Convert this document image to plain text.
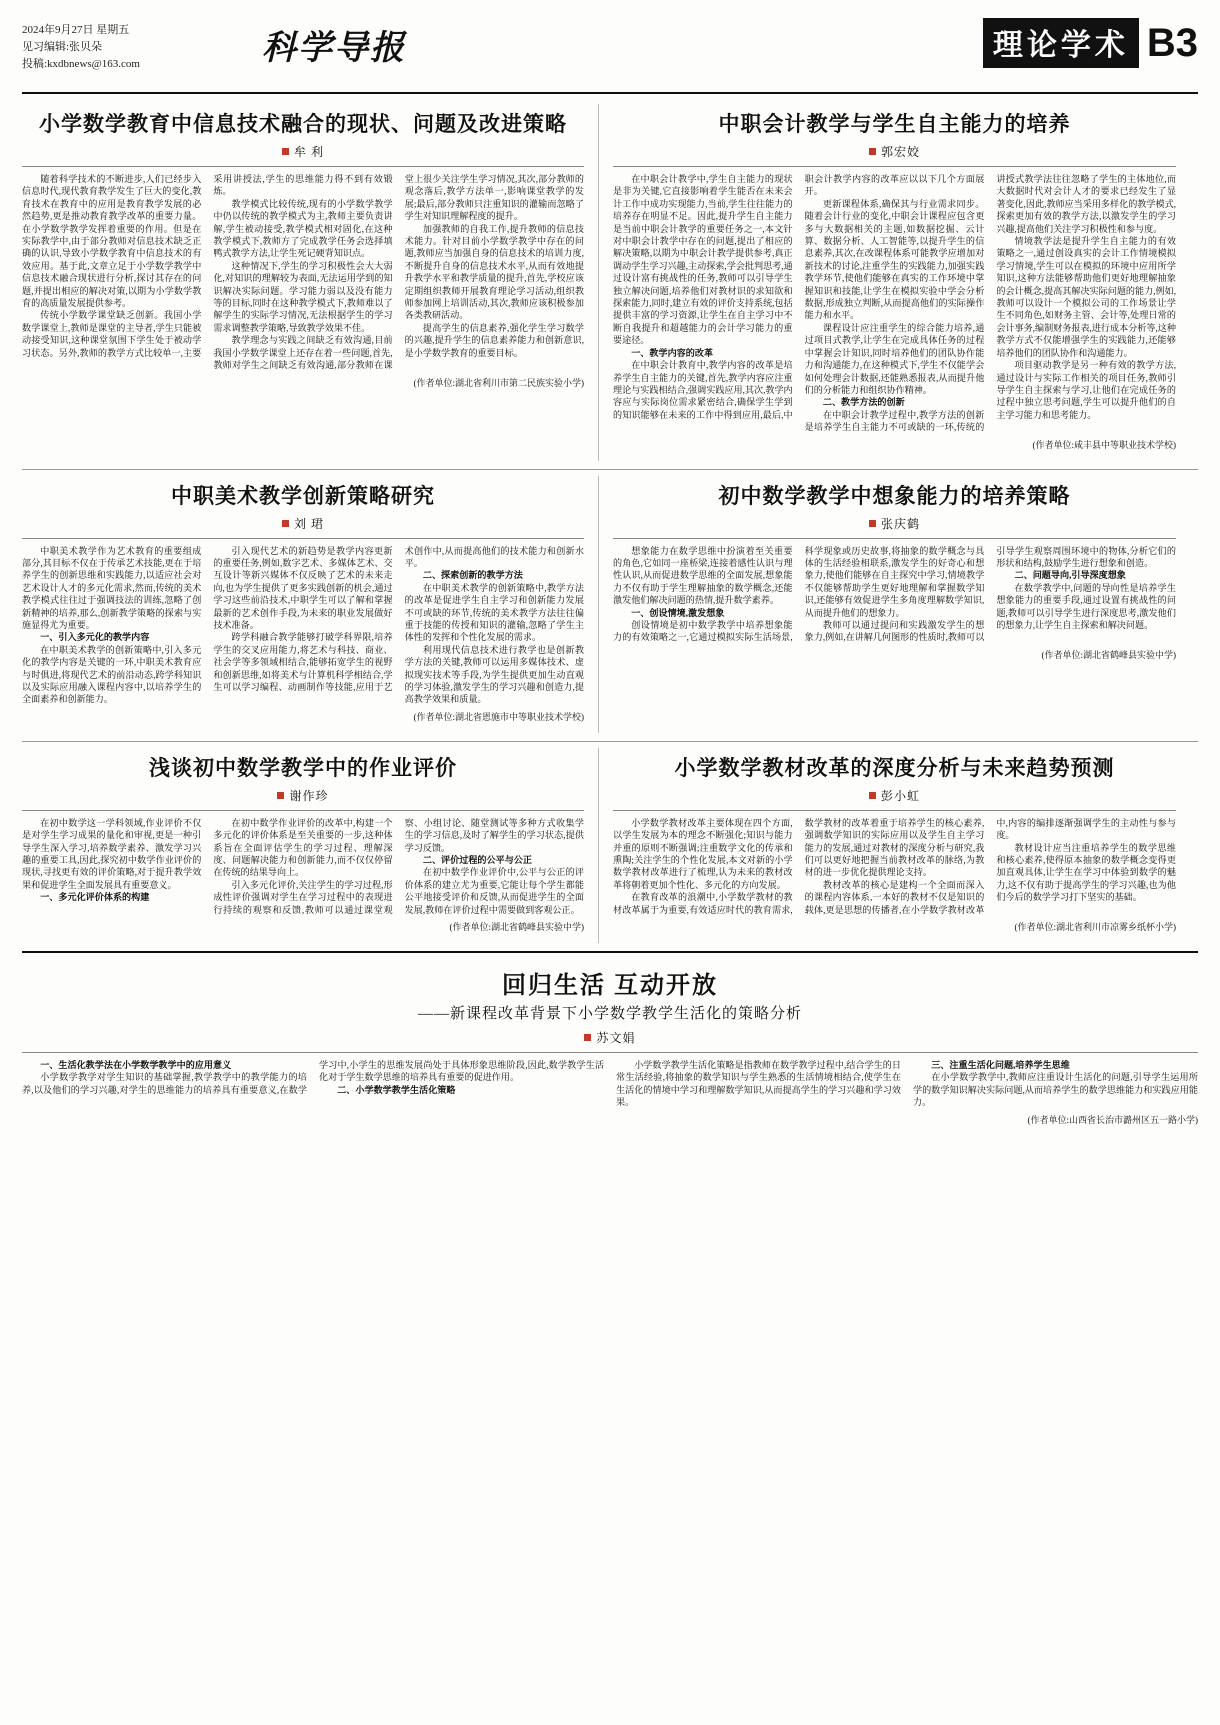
2024年9月27日 星期五
见习编辑:张贝朵
投稿:kxdbnews@163.com	科学导报	理论学术 B3
小学数学教育中信息技术融合的现状、问题及改进策略
牟 利

随着科学技术的不断进步,人们已经步入信息时代,现代教育教学发生了巨大的变化,教育技术在教育中的应用是教育教学发展的必然趋势,更是推动教育教学改革的重要力量。在小学数学教学发挥着重要的作用。但是在实际教学中,由于部分教师对信息技术缺乏正确的认识,导致小学数学教育中信息技术的有效应用。基于此,文章立足于小学数学教学中信息技术融合现状进行分析,探讨其存在的问题,并提出相应的解决对策,以期为小学数学教育的高质量发展提供参考。

传统小学数学课堂缺乏创新。我国小学数学课堂上,教师是课堂的主导者,学生只能被动接受知识,这种课堂氛围下学生处于被动学习状态。另外,教师的教学方式比较单一,主要采用讲授法,学生的思维能力得不到有效锻炼。

教学模式比较传统,现有的小学数学教学中仍以传统的教学模式为主,教师主要负责讲解,学生被动接受,教学模式相对固化,在这种教学模式下,教师方了完成教学任务会选择填鸭式教学方法,让学生死记硬背知识点。

这种情况下,学生的学习积极性会大大弱化,对知识的理解较为表面,无法运用学到的知识解决实际问题。学习能力弱以及没有能力等的目标,同时在这种教学模式下,教师难以了解学生的实际学习情况,无法根据学生的学习需求调整教学策略,导致教学效果不佳。

教学理念与实践之间缺乏有效沟通,目前我国小学数学课堂上还存在着一些问题,首先,教师对学生之间缺乏有效沟通,部分教师在课堂上很少关注学生学习情况,其次,部分教师的观念落后,教学方法单一,影响课堂教学的发展;最后,部分教师只注重知识的灌输而忽略了学生对知识理解程度的提升。

加强教师的自我工作,提升教师的信息技术能力。针对目前小学数学教学中存在的问题,教师应当加强自身的信息技术的培训力度,不断提升自身的信息技术水平,从而有效地提升教学水平和教学质量的提升,首先,学校应该定期组织教师开展教育理论学习活动,组织教师参加网上培训活动,其次,教师应该积极参加各类教研活动。

提高学生的信息素养,强化学生学习数学的兴趣,提升学生的信息素养能力和创新意识,是小学数学教育的重要目标。

(作者单位:湖北省利川市第二民族实验小学)
中职会计教学与学生自主能力的培养
郭宏姣

在中职会计教学中,学生自主能力的现状是非为关键,它直接影响着学生能否在未来会计工作中成功实现能力,当前,学生往往能力的培养存在明显不足。因此,提升学生自主能力是当前中职会计教学的重要任务之一,本文针对中职会计教学中存在的问题,提出了相应的解决策略,以期为中职会计教学提供参考,真正调动学生学习兴趣,主动探索,学会批判思考,通过设计富有挑战性的任务,教师可以引导学生独立解决问题,培养他们对教材识的求知欲和探索能力,同时,建立有效的评价支持系统,包括提供丰富的学习资源,让学生在自主学习中不断自我提升和超越能力的会计学习能力的重要途径。

一、教学内容的改革

在中职会计教育中,教学内容的改革是培养学生自主能力的关键,首先,教学内容应注重理论与实践相结合,强调实践应用,其次,教学内容应与实际岗位需求紧密结合,确保学生学到的知识能够在未来的工作中得到应用,最后,中职会计教学内容的改革应以以下几个方面展开。

更新课程体系,确保其与行业需求同步。随着会计行业的变化,中职会计课程应包含更多与大数据相关的主题,如数据挖掘、云计算、数据分析、人工智能等,以提升学生的信息素养,其次,在改课程体系可能教学应增加对新技术的讨论,注重学生的实践能力,加强实践教学环节,使他们能够在真实的工作环境中掌握知识和技能,让学生在模拟实验中学会分析数据,形成独立判断,从而提高他们的实际操作能力和水平。

课程设计应注重学生的综合能力培养,通过项目式教学,让学生在完成具体任务的过程中掌握会计知识,同时培养他们的团队协作能力和沟通能力,在这种模式下,学生不仅能学会如何处理会计数据,还能熟悉报表,从而提升他们的分析能力和组织协作精神。

二、教学方法的创新

在中职会计教学过程中,教学方法的创新是培养学生自主能力不可或缺的一环,传统的讲授式教学法往往忽略了学生的主体地位,而大数据时代对会计人才的要求已经发生了显著变化,因此,教师应当采用多样化的教学模式,探索更加有效的教学方法,以激发学生的学习兴趣,提高他们关注学习积极性和参与度。

情境教学法是提升学生自主能力的有效策略之一,通过创设真实的会计工作情境模拟学习情境,学生可以在模拟的环境中应用所学知识,这种方法能够帮助他们更好地理解抽象的会计概念,提高其解决实际问题的能力,例如,教师可以设计一个模拟公司的工作场景让学生不同角色,如财务主管、会计等,处理日常的会计事务,编制财务报表,进行成本分析等,这种教学方式不仅能增强学生的实践能力,还能够培养他们的团队协作和沟通能力。

项目驱动教学是另一种有效的教学方法,通过设计与实际工作相关的项目任务,教师引导学生自主探索与学习,让他们在完成任务的过程中独立思考问题,学生可以提升他们的自主学习能力和思考能力。

(作者单位:咸丰县中等职业技术学校)
中职美术教学创新策略研究
刘 珺

中职美术教学作为艺术教育的重要组成部分,其目标不仅在于传承艺术技能,更在于培养学生的创新思维和实践能力,以适应社会对艺术设计人才的多元化需求,然而,传统的美术教学模式往往过于强调技法的训练,忽略了创新精神的培养,那么,创新教学策略的探索与实施显得尤为重要。

一、引入多元化的教学内容

在中职美术教学的创新策略中,引入多元化的教学内容是关键的一环,中职美术教育应与时俱进,将现代艺术的前沿动态,跨学科知识以及实际应用融入课程内容中,以培养学生的全面素养和创新能力。

引入现代艺术的新趋势是教学内容更新的重要任务,例如,数字艺术、多媒体艺术、交互设计等新兴媒体不仅反映了艺术的未来走向,也为学生提供了更多实践创新的机会,通过学习这些前沿技术,中职学生可以了解和掌握最新的艺术创作手段,为未来的职业发展做好技术准备。

跨学科融合教学能够打破学科界限,培养学生的交叉应用能力,将艺术与科技、商业、社会学等多领域相结合,能够拓宽学生的视野和创新思维,如将美术与计算机科学相结合,学生可以学习编程、动画制作等技能,应用于艺术创作中,从而提高他们的技术能力和创新水平。

二、探索创新的教学方法

在中职美术教学的创新策略中,教学方法的改革是促进学生自主学习和创新能力发展不可或缺的环节,传统的美术教学方法往往偏重于技能的传授和知识的灌输,忽略了学生主体性的发挥和个性化发展的需求。

利用现代信息技术进行教学也是创新教学方法的关键,教师可以运用多媒体技术、虚拟现实技术等手段,为学生提供更加生动直观的学习体验,激发学生的学习兴趣和创造力,提高教学效果和质量。

(作者单位:湖北省恩施市中等职业技术学校)
初中数学教学中想象能力的培养策略
张庆鹤

想象能力在数学思维中扮演着至关重要的角色,它如同一座桥梁,连接着感性认识与理性认识,从而促进数学思维的全面发展,想象能力不仅有助于学生理解抽象的数学概念,还能激发他们解决问题的热情,提升数学素养。

一、创设情境,激发想象

创设情境是初中数学教学中培养想象能力的有效策略之一,它通过模拟实际生活场景,科学现象或历史故事,将抽象的数学概念与具体的生活经验相联系,激发学生的好奇心和想象力,使他们能够在自主探究中学习,情境教学不仅能够帮助学生更好地理解和掌握数学知识,还能够有效促进学生多角度理解数学知识,从而提升他们的想象力。

教师可以通过提问和实践激发学生的想象力,例如,在讲解几何图形的性质时,教师可以引导学生观察周围环境中的物体,分析它们的形状和结构,鼓励学生进行想象和创造。

二、问题导向,引导深度想象

在数学教学中,问题的导向性是培养学生想象能力的重要手段,通过设置有挑战性的问题,教师可以引导学生进行深度思考,激发他们的想象力,让学生自主探索和解决问题。

(作者单位:湖北省鹤峰县实验中学)
浅谈初中数学教学中的作业评价
谢作珍

在初中数学这一学科领域,作业评价不仅是对学生学习成果的量化和审视,更是一种引导学生深入学习,培养数学素养、激发学习兴趣的重要工具,因此,探究初中数学作业评价的现状,寻找更有效的评价策略,对于提升教学效果和促进学生全面发展具有重要意义。

一、多元化评价体系的构建

在初中数学作业评价的改革中,构建一个多元化的评价体系是至关重要的一步,这种体系旨在全面评估学生的学习过程、理解深度、问题解决能力和创新能力,而不仅仅停留在传统的结果导向上。

引入多元化评价,关注学生的学习过程,形成性评价强调对学生在学习过程中的表现进行持续的观察和反馈,教师可以通过课堂观察、小组讨论、随堂测试等多种方式收集学生的学习信息,及时了解学生的学习状态,提供学习反馈。

二、评价过程的公平与公正

在初中数学作业评价中,公平与公正的评价体系的建立尤为重要,它能让每个学生都能公平地接受评价和反馈,从而促进学生的全面发展,教师在评价过程中需要做到客观公正。

(作者单位:湖北省鹤峰县实验中学)
小学数学教材改革的深度分析与未来趋势预测
彭小虹

小学数学教材改革主要体现在四个方面,以学生发展为本的理念不断强化;知识与能力并重的原则不断强调;注重数学文化的传承和熏陶;关注学生的个性化发展,本文对新的小学数学教材改革进行了梳理,认为未来的教材改革将朝着更加个性化、多元化的方向发展。

在教育改革的浪潮中,小学数学教材的教材改革属于为重要,有效适应时代的教育需求,数学教材的改革着重于培养学生的核心素养,强调数学知识的实际应用以及学生自主学习能力的发展,通过对教材的深度分析与研究,我们可以更好地把握当前教材改革的脉络,为教材的进一步优化提供理论支持。

教材改革的核心是建构一个全面而深入的课程内容体系,一本好的教材不仅是知识的载体,更是思想的传播者,在小学数学教材改革中,内容的编排逐渐强调学生的主动性与参与度。

教材设计应当注重培养学生的数学思维和核心素养,使得原本抽象的数学概念变得更加直观具体,让学生在学习中体验到数学的魅力,这不仅有助于提高学生的学习兴趣,也为他们今后的数学学习打下坚实的基础。

(作者单位:湖北省利川市凉雾乡纸杯小学)
回归生活 互动开放
——新课程改革背景下小学数学教学生活化的策略分析
苏文娟

一、生活化教学法在小学数学教学中的应用意义

小学数学教学对学生知识的基础掌握,教学教学中的教学能力的培养,以及他们的学习兴趣,对学生的思维能力的培养具有重要意义,在数学学习中,小学生的思维发展尚处于具体形象思维阶段,因此,数学教学生活化对于学生数学思维的培养具有重要的促进作用。

二、小学数学教学生活化策略

小学数学教学生活化策略是指教师在数学教学过程中,结合学生的日常生活经验,将抽象的数学知识与学生熟悉的生活情境相结合,使学生在生活化的情境中学习和理解数学知识,从而提高学生的学习兴趣和学习效果。

三、注重生活化问题,培养学生思维

在小学数学教学中,教师应注重设计生活化的问题,引导学生运用所学的数学知识解决实际问题,从而培养学生的数学思维能力和实践应用能力。

(作者单位:山西省长治市潞州区五一路小学)
